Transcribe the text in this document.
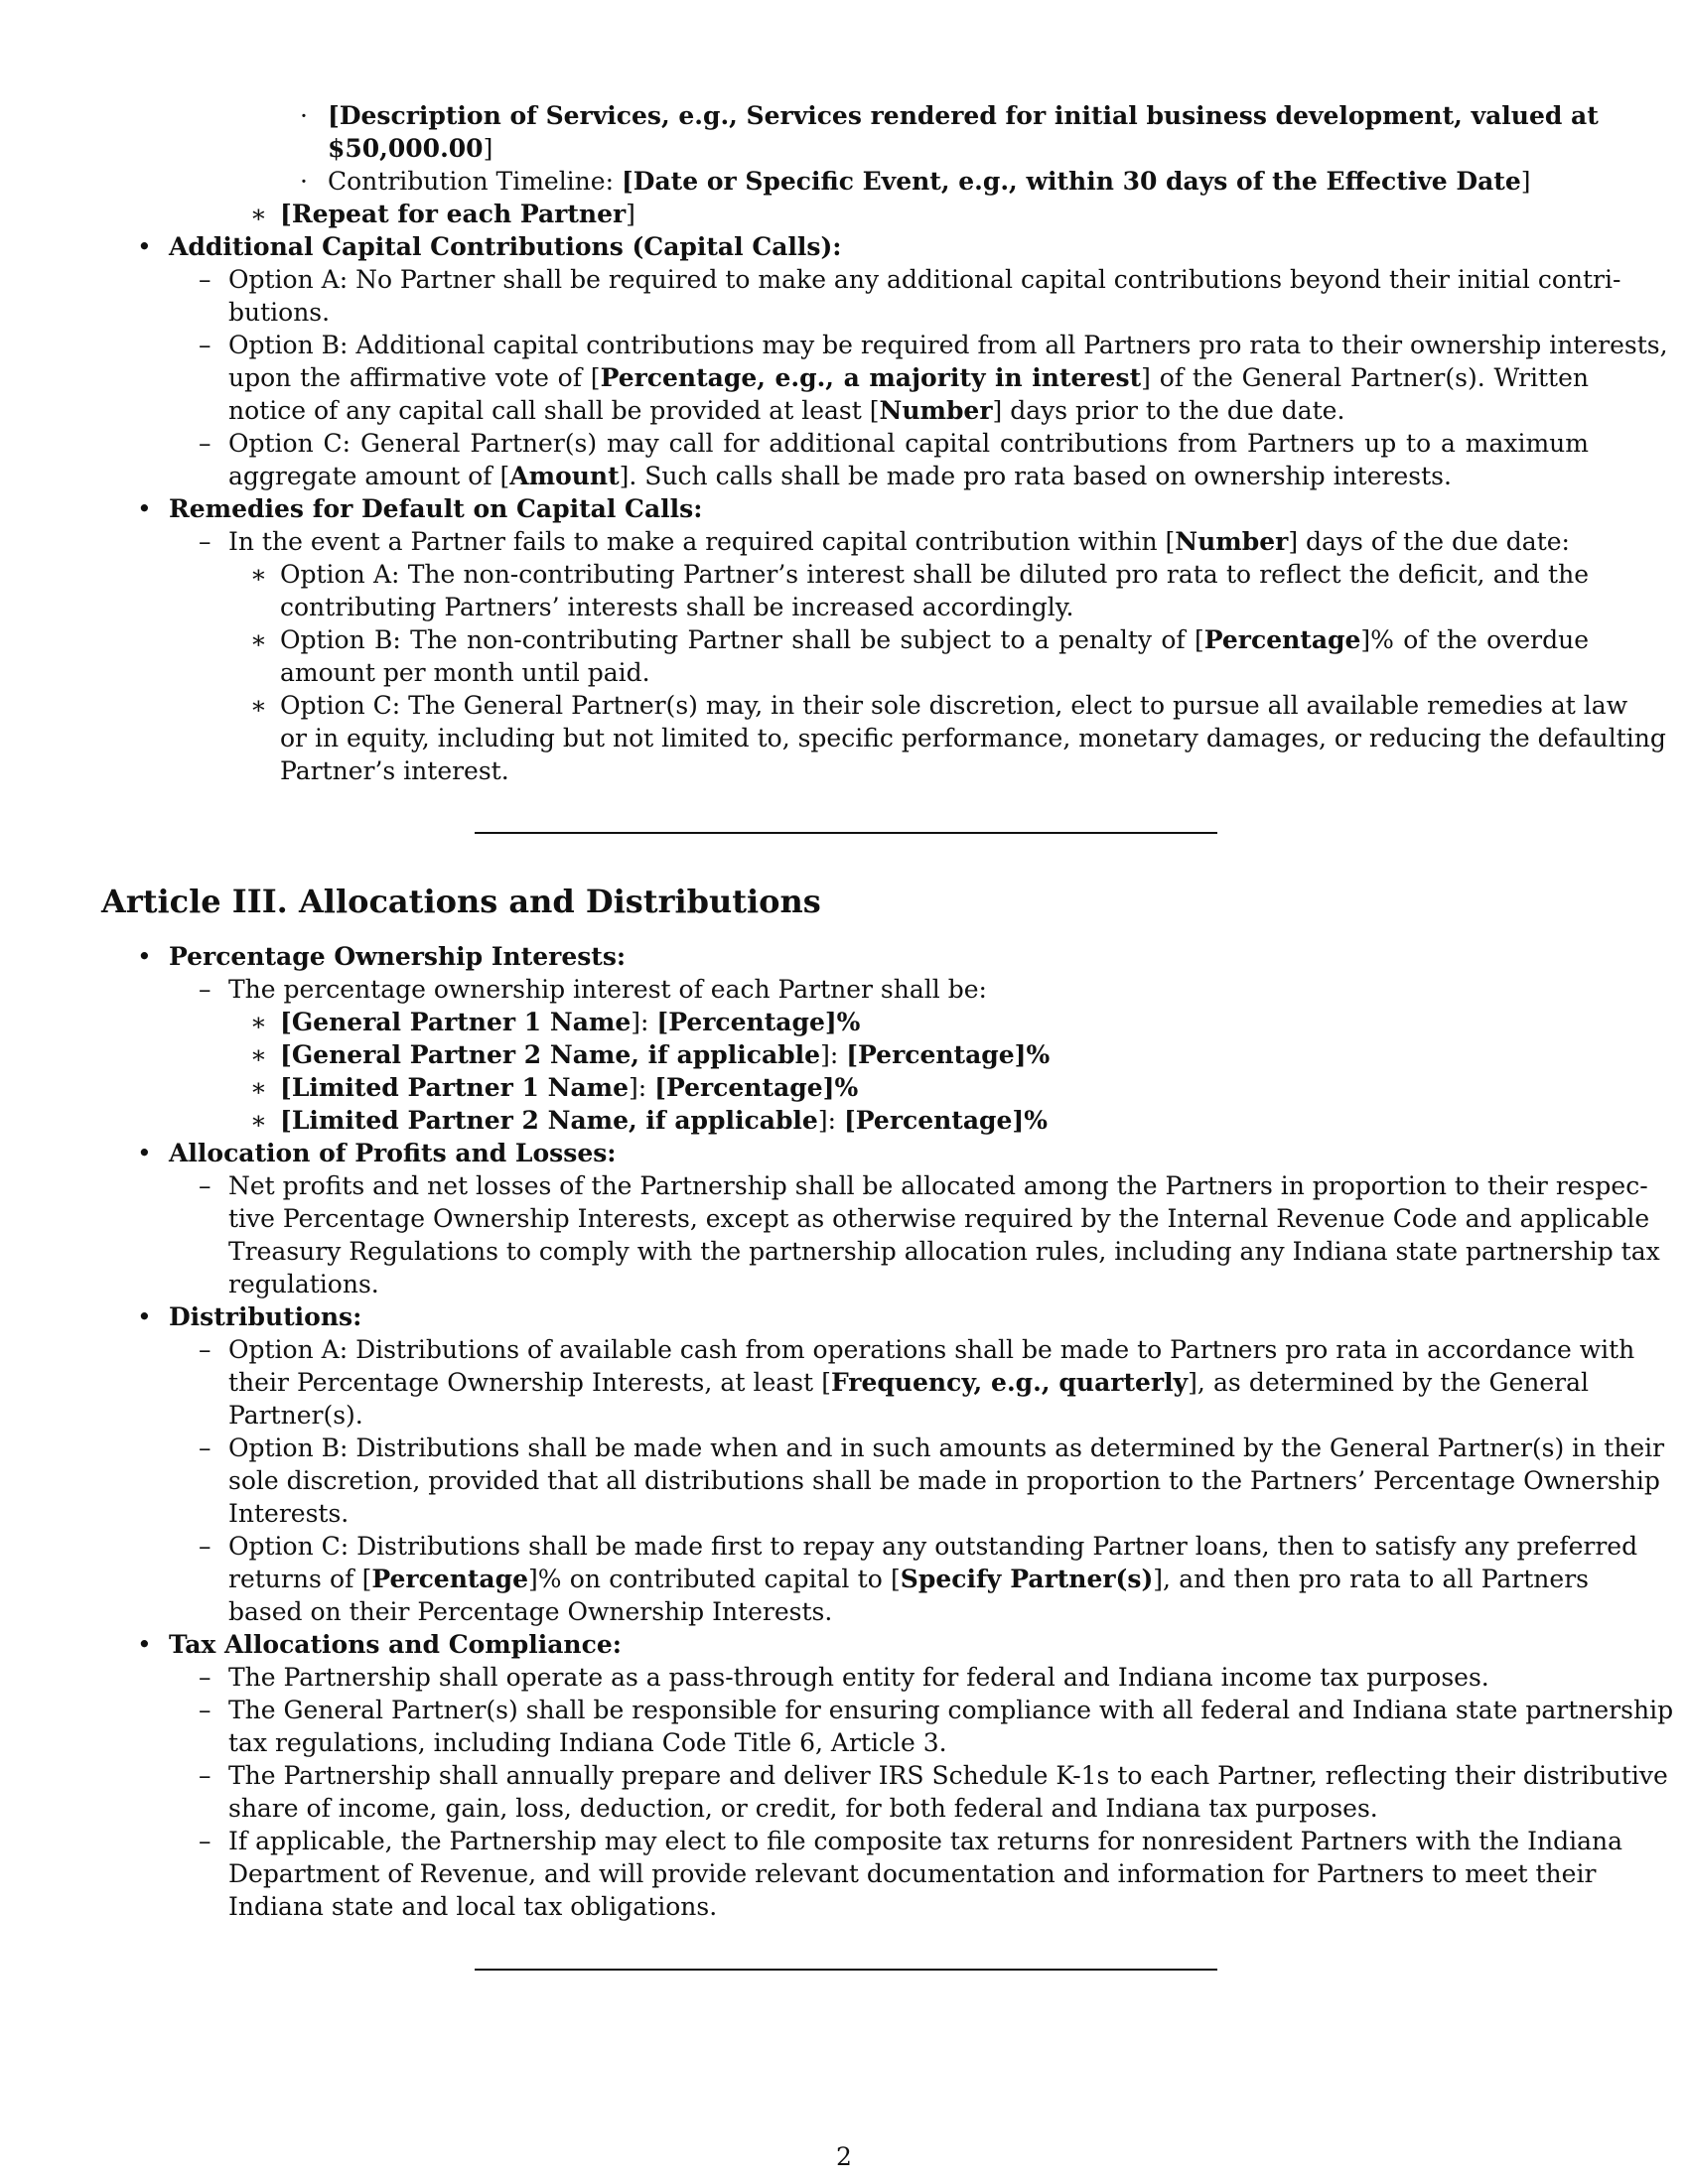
· [Description of Services, e.g., Services rendered for initial business development, valued at
$50,000.00]
· Contribution Timeline: [Date or Specific Event, e.g., within 30 days of the Effective Date]
∗ [Repeat for each Partner]
• Additional Capital Contributions (Capital Calls):
– Option A: No Partner shall be required to make any additional capital contributions beyond their initial contri-
butions.
– Option B: Additional capital contributions may be required from all Partners pro rata to their ownership interests,
upon the affirmative vote of [Percentage, e.g., a majority in interest] of the General Partner(s). Written
notice of any capital call shall be provided at least [Number] days prior to the due date.
– Option C: General Partner(s) may call for additional capital contributions from Partners up to a maximum
aggregate amount of [Amount]. Such calls shall be made pro rata based on ownership interests.
• Remedies for Default on Capital Calls:
– In the event a Partner fails to make a required capital contribution within [Number] days of the due date:
∗ Option A: The non-contributing Partner’s interest shall be diluted pro rata to reflect the deficit, and the
contributing Partners’ interests shall be increased accordingly.
∗ Option B: The non-contributing Partner shall be subject to a penalty of [Percentage]% of the overdue
amount per month until paid.
∗ Option C: The General Partner(s) may, in their sole discretion, elect to pursue all available remedies at law
or in equity, including but not limited to, specific performance, monetary damages, or reducing the defaulting
Partner’s interest.
Article III. Allocations and Distributions
• Percentage Ownership Interests:
– The percentage ownership interest of each Partner shall be:
∗ [General Partner 1 Name]: [Percentage]%
∗ [General Partner 2 Name, if applicable]: [Percentage]%
∗ [Limited Partner 1 Name]: [Percentage]%
∗ [Limited Partner 2 Name, if applicable]: [Percentage]%
• Allocation of Profits and Losses:
– Net profits and net losses of the Partnership shall be allocated among the Partners in proportion to their respec-
tive Percentage Ownership Interests, except as otherwise required by the Internal Revenue Code and applicable
Treasury Regulations to comply with the partnership allocation rules, including any Indiana state partnership tax
regulations.
• Distributions:
– Option A: Distributions of available cash from operations shall be made to Partners pro rata in accordance with
their Percentage Ownership Interests, at least [Frequency, e.g., quarterly], as determined by the General
Partner(s).
– Option B: Distributions shall be made when and in such amounts as determined by the General Partner(s) in their
sole discretion, provided that all distributions shall be made in proportion to the Partners’ Percentage Ownership
Interests.
– Option C: Distributions shall be made first to repay any outstanding Partner loans, then to satisfy any preferred
returns of [Percentage]% on contributed capital to [Specify Partner(s)], and then pro rata to all Partners
based on their Percentage Ownership Interests.
• Tax Allocations and Compliance:
– The Partnership shall operate as a pass-through entity for federal and Indiana income tax purposes.
– The General Partner(s) shall be responsible for ensuring compliance with all federal and Indiana state partnership
tax regulations, including Indiana Code Title 6, Article 3.
– The Partnership shall annually prepare and deliver IRS Schedule K-1s to each Partner, reflecting their distributive
share of income, gain, loss, deduction, or credit, for both federal and Indiana tax purposes.
– If applicable, the Partnership may elect to file composite tax returns for nonresident Partners with the Indiana
Department of Revenue, and will provide relevant documentation and information for Partners to meet their
Indiana state and local tax obligations.
2
